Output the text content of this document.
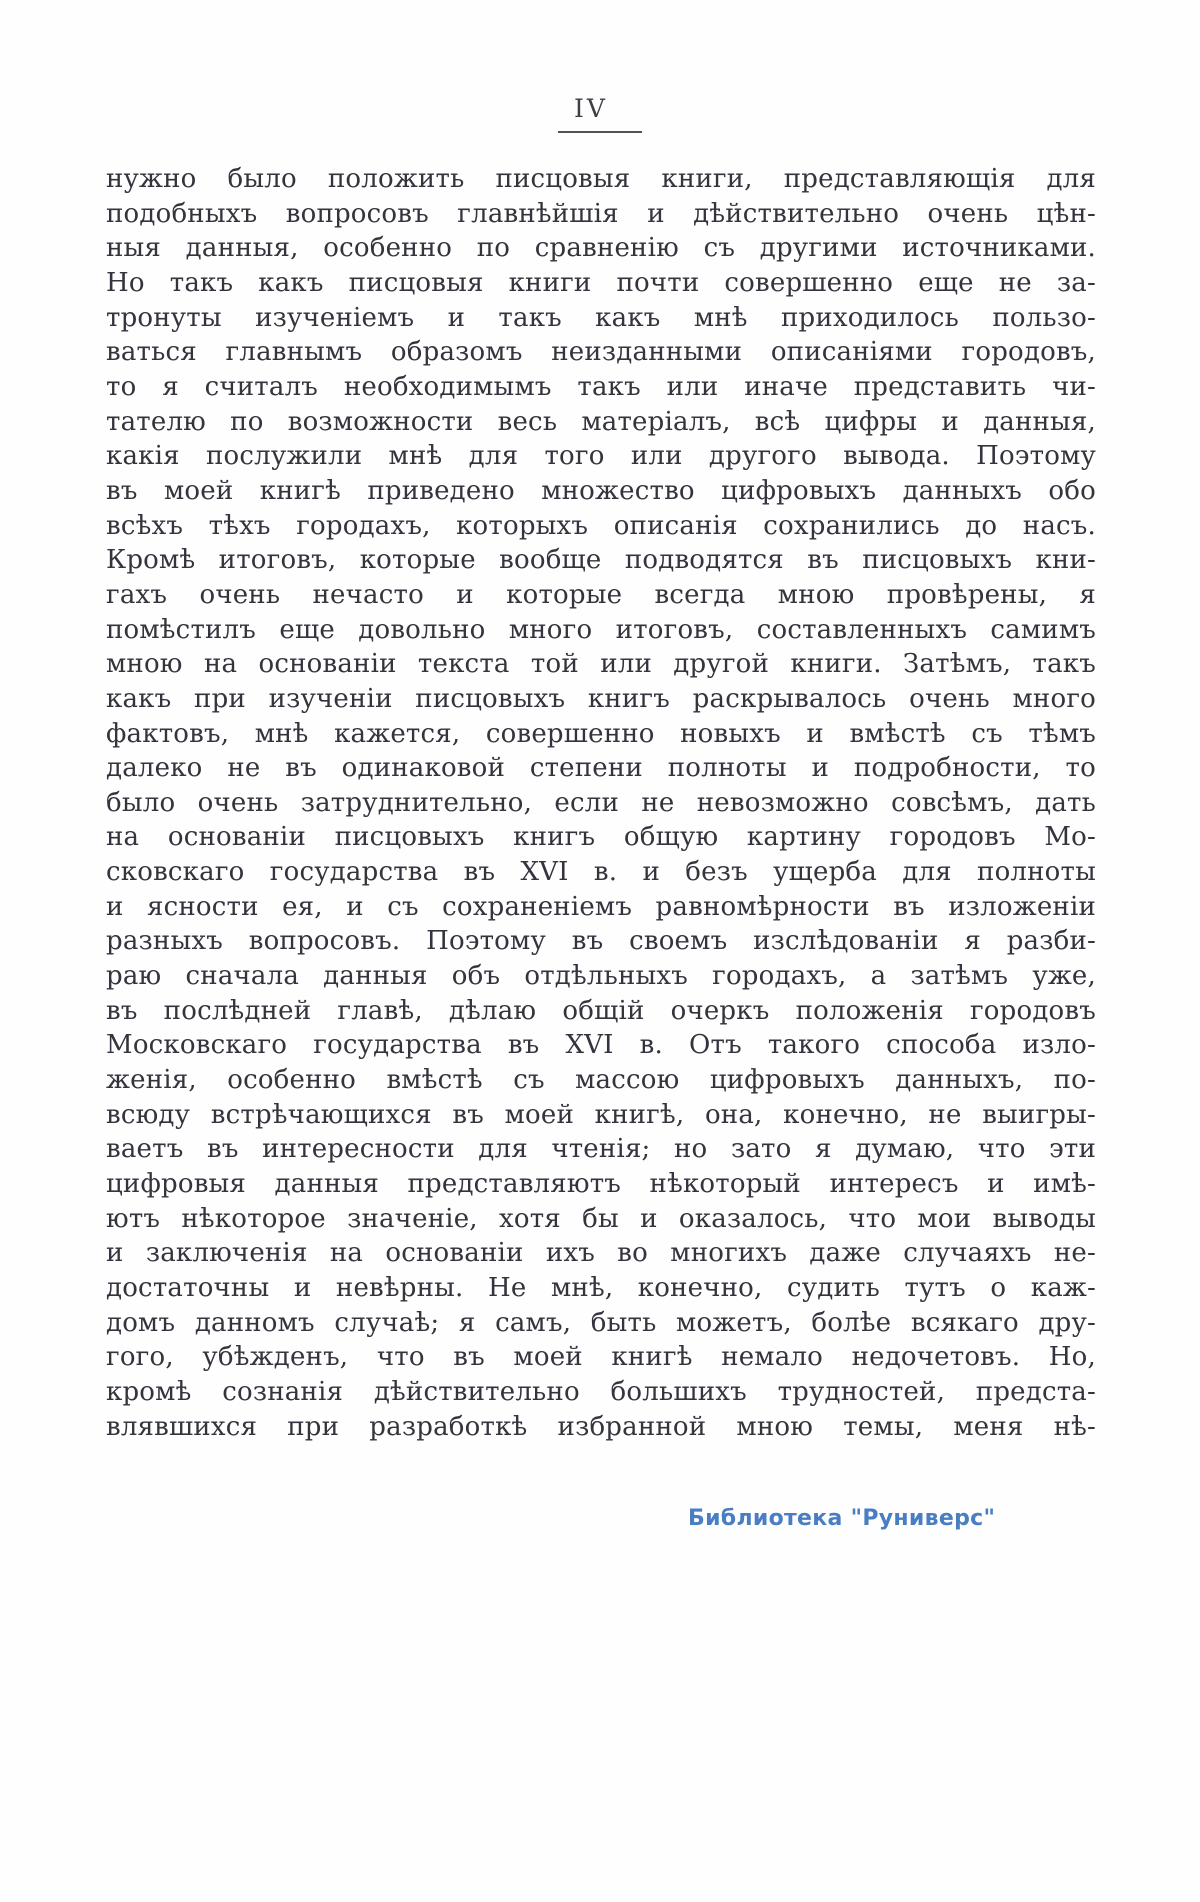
IV
нужно было положить писцовыя книги, представляющія для
подобныхъ вопросовъ главнѣйшія и дѣйствительно очень цѣн-
ныя данныя, особенно по сравненію съ другими источниками.
Но такъ какъ писцовыя книги почти совершенно еще не за-
тронуты изученіемъ и такъ какъ мнѣ приходилось пользо-
ваться главнымъ образомъ неизданными описаніями городовъ,
то я считалъ необходимымъ такъ или иначе представить чи-
тателю по возможности весь матеріалъ, всѣ цифры и данныя,
какія послужили мнѣ для того или другого вывода. Поэтому
въ моей книгѣ приведено множество цифровыхъ данныхъ обо
всѣхъ тѣхъ городахъ, которыхъ описанія сохранились до насъ.
Кромѣ итоговъ, которые вообще подводятся въ писцовыхъ кни-
гахъ очень нечасто и которые всегда мною провѣрены, я
помѣстилъ еще довольно много итоговъ, составленныхъ самимъ
мною на основаніи текста той или другой книги. Затѣмъ, такъ
какъ при изученіи писцовыхъ книгъ раскрывалось очень много
фактовъ, мнѣ кажется, совершенно новыхъ и вмѣстѣ съ тѣмъ
далеко не въ одинаковой степени полноты и подробности, то
было очень затруднительно, если не невозможно совсѣмъ, дать
на основаніи писцовыхъ книгъ общую картину городовъ Мо-
сковскаго государства въ XVI в. и безъ ущерба для полноты
и ясности ея, и съ сохраненіемъ равномѣрности въ изложеніи
разныхъ вопросовъ. Поэтому въ своемъ изслѣдованіи я разби-
раю сначала данныя объ отдѣльныхъ городахъ, а затѣмъ уже,
въ послѣдней главѣ, дѣлаю общій очеркъ положенія городовъ
Московскаго государства въ XVI в. Отъ такого способа изло-
женія, особенно вмѣстѣ съ массою цифровыхъ данныхъ, по-
всюду встрѣчающихся въ моей книгѣ, она, конечно, не выигры-
ваетъ въ интересности для чтенія; но зато я думаю, что эти
цифровыя данныя представляютъ нѣкоторый интересъ и имѣ-
ютъ нѣкоторое значеніе, хотя бы и оказалось, что мои выводы
и заключенія на основаніи ихъ во многихъ даже случаяхъ не-
достаточны и невѣрны. Не мнѣ, конечно, судить тутъ о каж-
домъ данномъ случаѣ; я самъ, быть можетъ, болѣе всякаго дру-
гого, убѣжденъ, что въ моей книгѣ немало недочетовъ. Но,
кромѣ сознанія дѣйствительно большихъ трудностей, предста-
влявшихся при разработкѣ избранной мною темы, меня нѣ-
Библиотека "Руниверс"
